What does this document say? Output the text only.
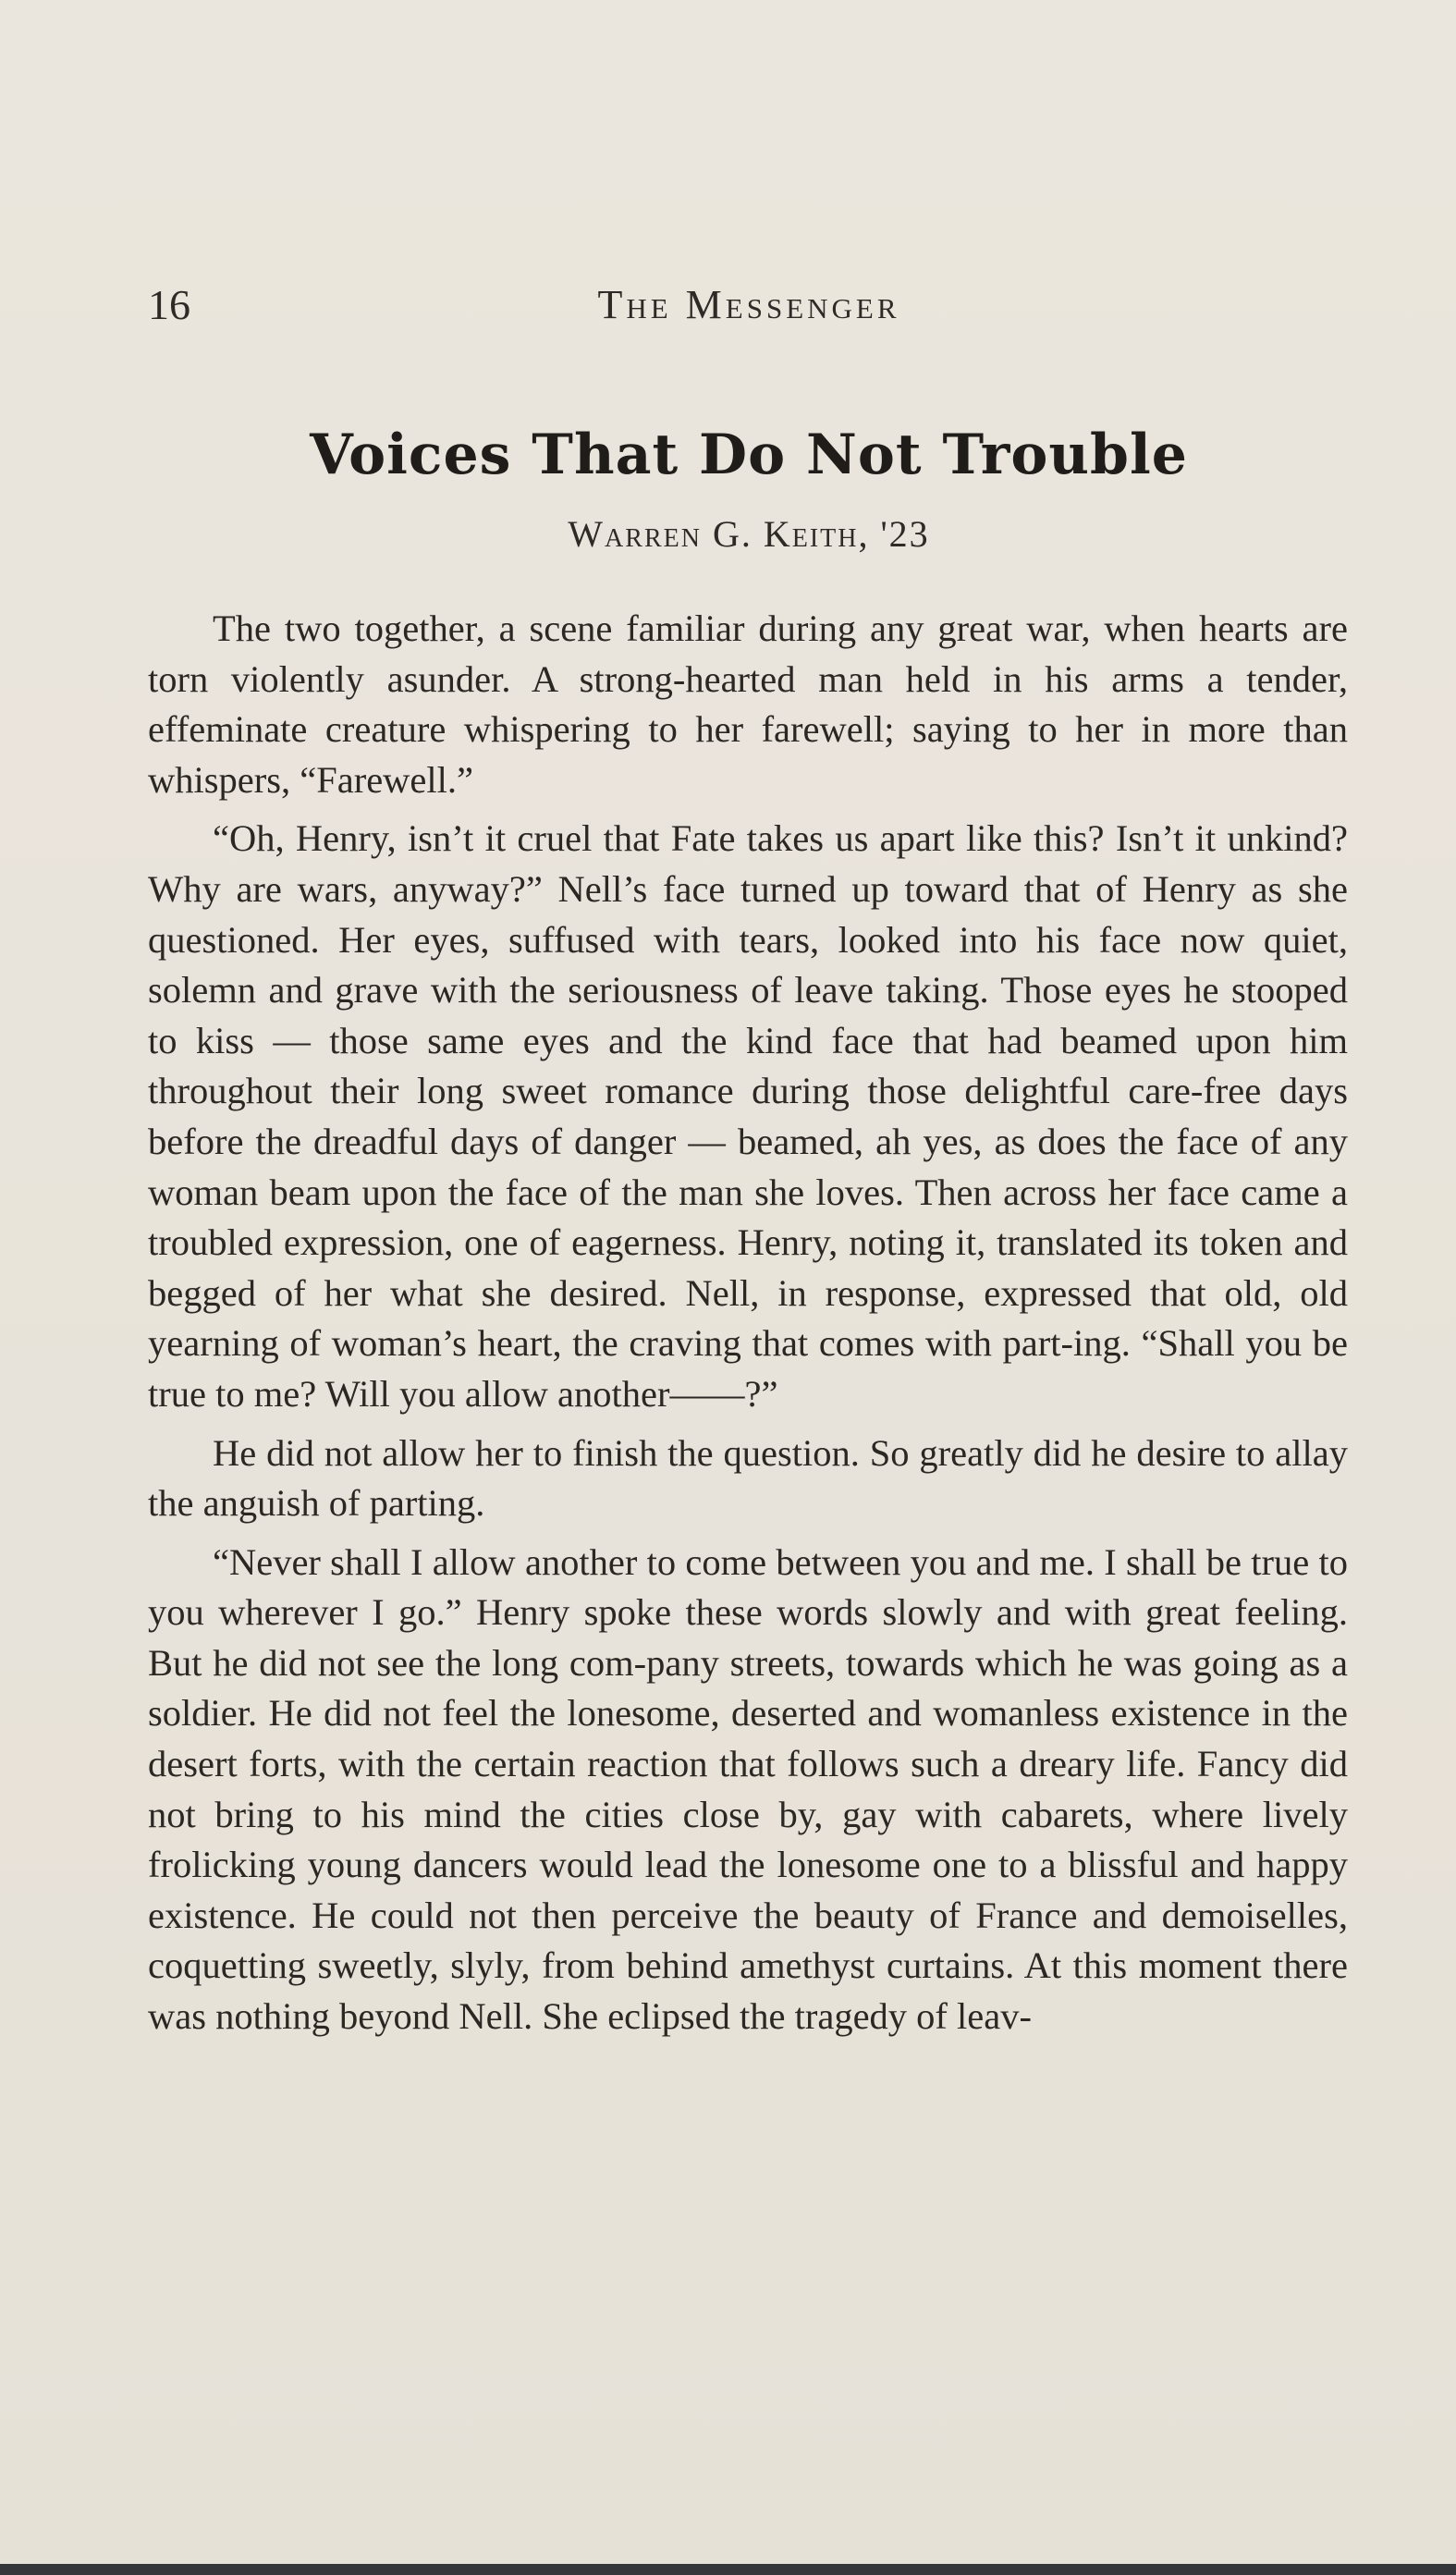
16	The Messenger
Voices That Do Not Trouble
Warren G. Keith, '23

The two together, a scene familiar during any great war, when hearts are torn violently asunder. A strong-hearted man held in his arms a tender, effeminate creature whispering to her farewell; saying to her in more than whispers, “Farewell.”

“Oh, Henry, isn’t it cruel that Fate takes us apart like this? Isn’t it unkind? Why are wars, anyway?” Nell’s face turned up toward that of Henry as she questioned. Her eyes, suffused with tears, looked into his face now quiet, solemn and grave with the seriousness of leave taking. Those eyes he stooped to kiss — those same eyes and the kind face that had beamed upon him throughout their long sweet romance during those delightful care-free days before the dreadful days of danger — beamed, ah yes, as does the face of any woman beam upon the face of the man she loves. Then across her face came a troubled expression, one of eagerness. Henry, noting it, translated its token and begged of her what she desired. Nell, in response, expressed that old, old yearning of woman’s heart, the craving that comes with part-ing. “Shall you be true to me? Will you allow another——?”

He did not allow her to finish the question. So greatly did he desire to allay the anguish of parting.

“Never shall I allow another to come between you and me. I shall be true to you wherever I go.” Henry spoke these words slowly and with great feeling. But he did not see the long com-pany streets, towards which he was going as a soldier. He did not feel the lonesome, deserted and womanless existence in the desert forts, with the certain reaction that follows such a dreary life. Fancy did not bring to his mind the cities close by, gay with cabarets, where lively frolicking young dancers would lead the lonesome one to a blissful and happy existence. He could not then perceive the beauty of France and demoiselles, coquetting sweetly, slyly, from behind amethyst curtains. At this moment there was nothing beyond Nell. She eclipsed the tragedy of leav-
